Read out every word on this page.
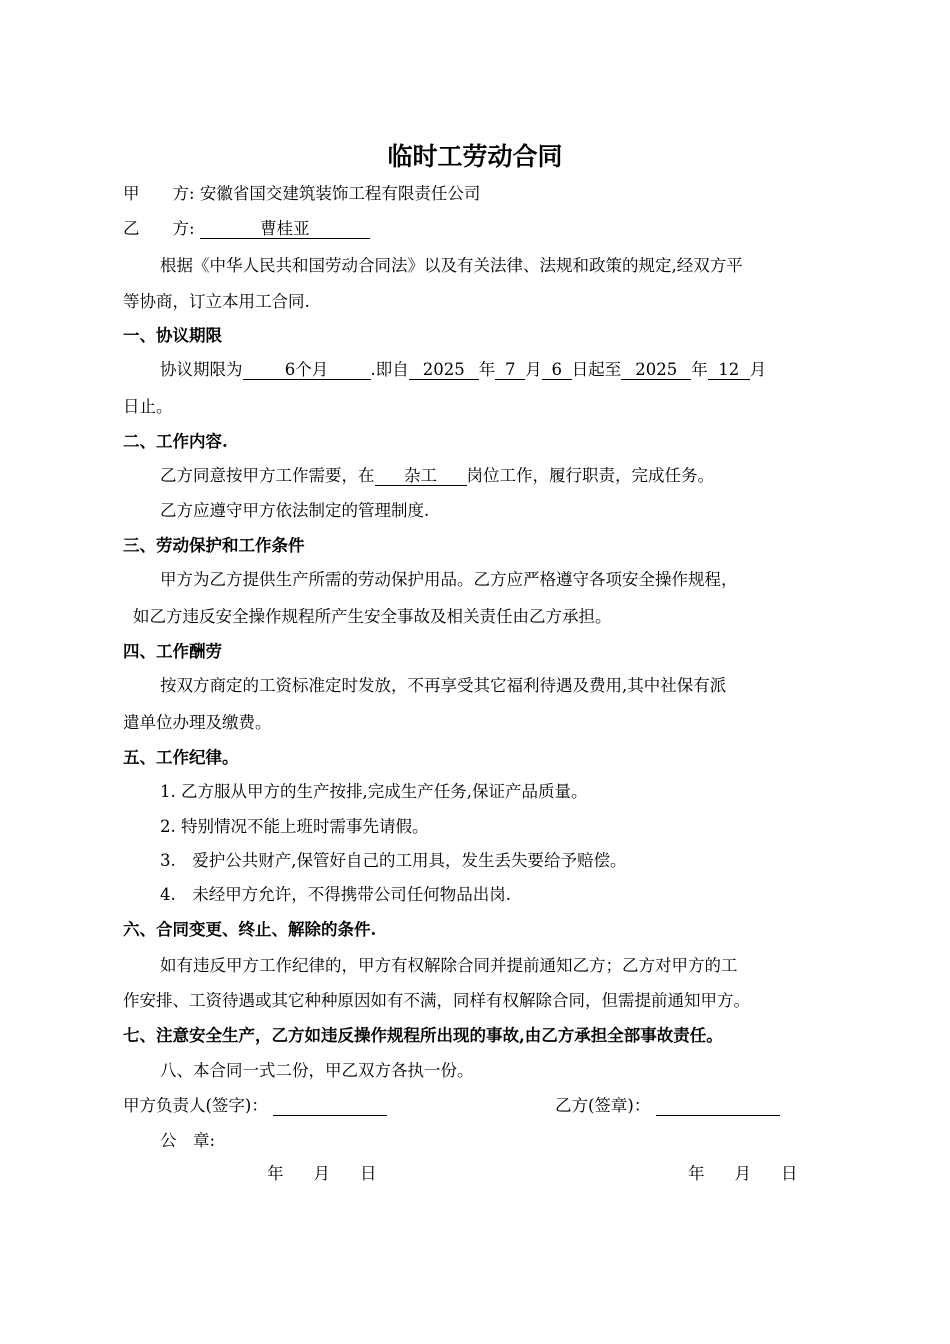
临时工劳动合同
甲　　方: 安徽省国交建筑装饰工程有限责任公司
乙　　方:	曹桂亚
根据《中华人民共和国劳动合同法》以及有关法律、法规和政策的规定,经双方平
等协商，订立本用工合同.
一、协议期限
协议期限为	6个月	.即自 2025 年 7 月 6 日起至 2025 年 12 月
日止。
二、工作内容.
乙方同意按甲方工作需要，在 杂工 岗位工作，履行职责，完成任务。
乙方应遵守甲方依法制定的管理制度.
三、劳动保护和工作条件
甲方为乙方提供生产所需的劳动保护用品。乙方应严格遵守各项安全操作规程，
如乙方违反安全操作规程所产生安全事故及相关责任由乙方承担。
四、工作酬劳
按双方商定的工资标准定时发放，不再享受其它福利待遇及费用,其中社保有派
遣单位办理及缴费。
五、工作纪律。
1. 乙方服从甲方的生产按排,完成生产任务,保证产品质量。
2. 特别情况不能上班时需事先请假。
3.　爱护公共财产,保管好自己的工用具，发生丢失要给予赔偿。
4.　未经甲方允许，不得携带公司任何物品出岗.
六、合同变更、终止、解除的条件.
如有违反甲方工作纪律的，甲方有权解除合同并提前通知乙方；乙方对甲方的工
作安排、工资待遇或其它种种原因如有不满，同样有权解除合同，但需提前通知甲方。
七、注意安全生产，乙方如违反操作规程所出现的事故,由乙方承担全部事故责任。
八、本合同一式二份，甲乙双方各执一份。
甲方负责人(签字)：	乙方(签章)：
公　章:
年 月 日	年 月 日
